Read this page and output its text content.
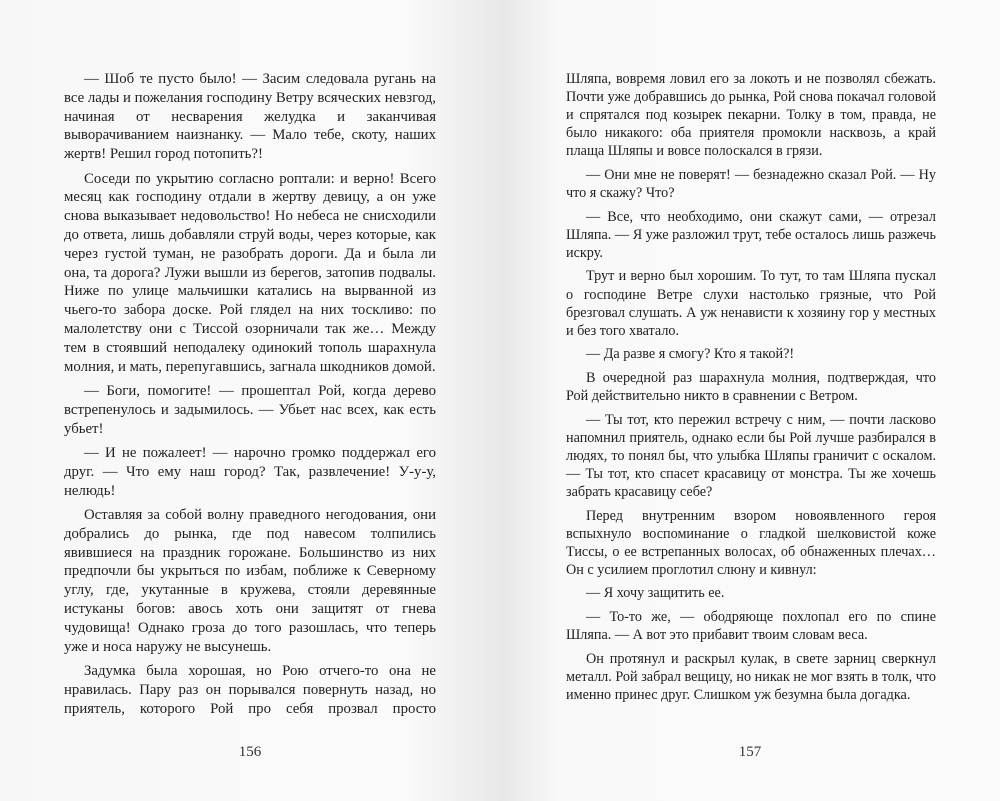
— Шоб те пусто было! — Засим следовала ругань на все лады и пожелания господину Ветру всяческих невзгод, начиная от несварения желудка и заканчивая выворачиванием наизнанку. — Мало тебе, скоту, наших жертв! Решил город потопить?!

Соседи по укрытию согласно роптали: и верно! Всего месяц как господину отдали в жертву девицу, а он уже снова выказывает недовольство! Но небеса не снисходили до ответа, лишь добавляли струй воды, через которые, как через густой туман, не разобрать дороги. Да и была ли она, та дорога? Лужи вышли из берегов, затопив подвалы. Ниже по улице мальчишки катались на вырванной из чьего-то забора доске. Рой глядел на них тоскливо: по малолетству они с Тиссой озорничали так же… Между тем в стоявший неподалеку одинокий тополь шарахнула молния, и мать, перепугавшись, загнала шкодников домой.

— Боги, помогите! — прошептал Рой, когда дерево встрепенулось и задымилось. — Убьет нас всех, как есть убьет!

— И не пожалеет! — нарочно громко поддержал его друг. — Что ему наш город? Так, развлечение! У-у-у, нелюдь!

Оставляя за собой волну праведного негодования, они добрались до рынка, где под навесом толпились явившиеся на праздник горожане. Большинство из них предпочли бы укрыться по избам, поближе к Северному углу, где, укутанные в кружева, стояли деревянные истуканы богов: авось хоть они защитят от гнева чудовища! Однако гроза до того разошлась, что теперь уже и носа наружу не высунешь.

Задумка была хорошая, но Рою отчего-то она не нравилась. Пару раз он порывался повернуть назад, но приятель, которого Рой про себя прозвал просто

156

Шляпа, вовремя ловил его за локоть и не позволял сбежать. Почти уже добравшись до рынка, Рой снова покачал головой и спрятался под козырек пекарни. Толку в том, правда, не было никакого: оба приятеля промокли насквозь, а край плаща Шляпы и вовсе полоскался в грязи.

— Они мне не поверят! — безнадежно сказал Рой. — Ну что я скажу? Что?

— Все, что необходимо, они скажут сами, — отрезал Шляпа. — Я уже разложил трут, тебе осталось лишь разжечь искру.

Трут и верно был хорошим. То тут, то там Шляпа пускал о господине Ветре слухи настолько грязные, что Рой брезговал слушать. А уж ненависти к хозяину гор у местных и без того хватало.

— Да разве я смогу? Кто я такой?!

В очередной раз шарахнула молния, подтверждая, что Рой действительно никто в сравнении с Ветром.

— Ты тот, кто пережил встречу с ним, — почти ласково напомнил приятель, однако если бы Рой лучше разбирался в людях, то понял бы, что улыбка Шляпы граничит с оскалом. — Ты тот, кто спасет красавицу от монстра. Ты же хочешь забрать красавицу себе?

Перед внутренним взором новоявленного героя вспыхнуло воспоминание о гладкой шелковистой коже Тиссы, о ее встрепанных волосах, об обнаженных плечах… Он с усилием проглотил слюну и кивнул:

— Я хочу защитить ее.

— То-то же, — ободряюще похлопал его по спине Шляпа. — А вот это прибавит твоим словам веса.

Он протянул и раскрыл кулак, в свете зарниц сверкнул металл. Рой забрал вещицу, но никак не мог взять в толк, что именно принес друг. Слишком уж безумна была догадка.

157
